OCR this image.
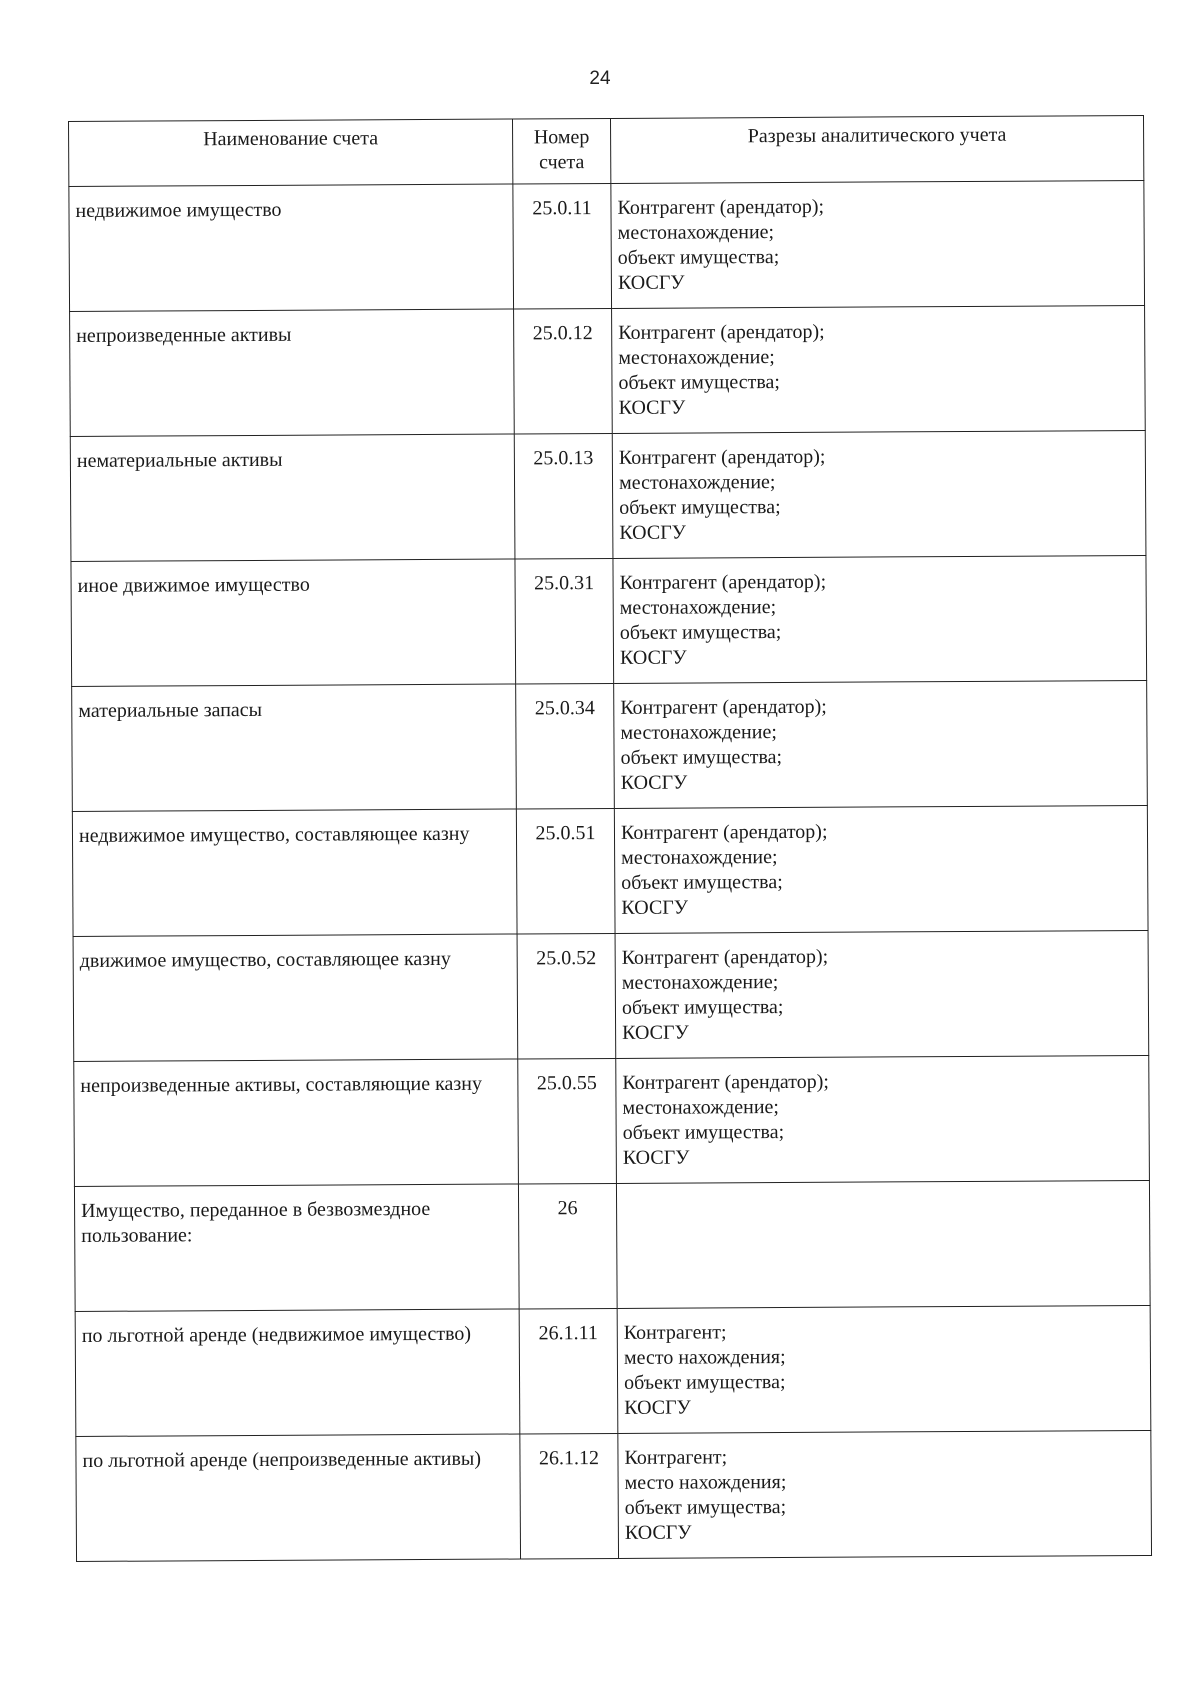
24
Наименование счета	Номер счета	Разрезы аналитического учета
недвижимое имущество	25.0.11	Контрагент (арендатор);
местонахождение;
объект имущества;
КОСГУ

непроизведенные активы	25.0.12	Контрагент (арендатор);
местонахождение;
объект имущества;
КОСГУ

нематериальные активы	25.0.13	Контрагент (арендатор);
местонахождение;
объект имущества;
КОСГУ

иное движимое имущество	25.0.31	Контрагент (арендатор);
местонахождение;
объект имущества;
КОСГУ

материальные запасы	25.0.34	Контрагент (арендатор);
местонахождение;
объект имущества;
КОСГУ

недвижимое имущество, составляющее казну	25.0.51	Контрагент (арендатор);
местонахождение;
объект имущества;
КОСГУ

движимое имущество, составляющее казну	25.0.52	Контрагент (арендатор);
местонахождение;
объект имущества;
КОСГУ

непроизведенные активы, составляющие казну	25.0.55	Контрагент (арендатор);
местонахождение;
объект имущества;
КОСГУ

Имущество, переданное в безвозмездное пользование:	26	
по льготной аренде (недвижимое имущество)	26.1.11	Контрагент;
место нахождения;
объект имущества;
КОСГУ

по льготной аренде (непроизведенные активы)	26.1.12	Контрагент;
место нахождения;
объект имущества;
КОСГУ
